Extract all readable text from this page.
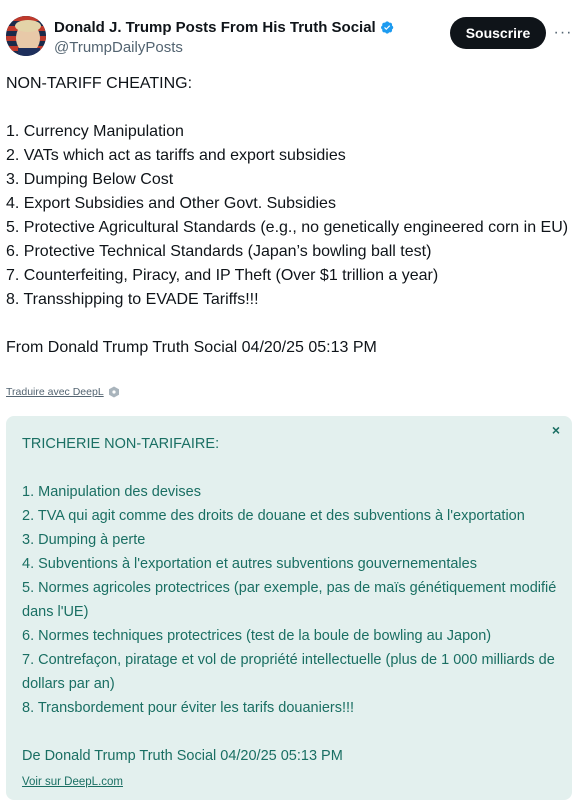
Donald J. Trump Posts From His Truth Social
@TrumpDailyPosts
Souscrire	···
NON-TARIFF CHEATING:
1. Currency Manipulation
2. VATs which act as tariffs and export subsidies
3. Dumping Below Cost
4. Export Subsidies and Other Govt. Subsidies
5. Protective Agricultural Standards (e.g., no genetically engineered corn in EU)
6. Protective Technical Standards (Japan’s bowling ball test)
7. Counterfeiting, Piracy, and IP Theft (Over $1 trillion a year)
8. Transshipping to EVADE Tariffs!!!
From Donald Trump Truth Social 04/20/25 05:13 PM
Traduire avec DeepL
×
TRICHERIE NON-TARIFAIRE:
1. Manipulation des devises
2. TVA qui agit comme des droits de douane et des subventions à l'exportation
3. Dumping à perte
4. Subventions à l'exportation et autres subventions gouvernementales
5. Normes agricoles protectrices (par exemple, pas de maïs génétiquement modifié dans l'UE)
6. Normes techniques protectrices (test de la boule de bowling au Japon)
7. Contrefaçon, piratage et vol de propriété intellectuelle (plus de 1 000 milliards de dollars par an)
8. Transbordement pour éviter les tarifs douaniers!!!
De Donald Trump Truth Social 04/20/25 05:13 PM
Voir sur DeepL.com
